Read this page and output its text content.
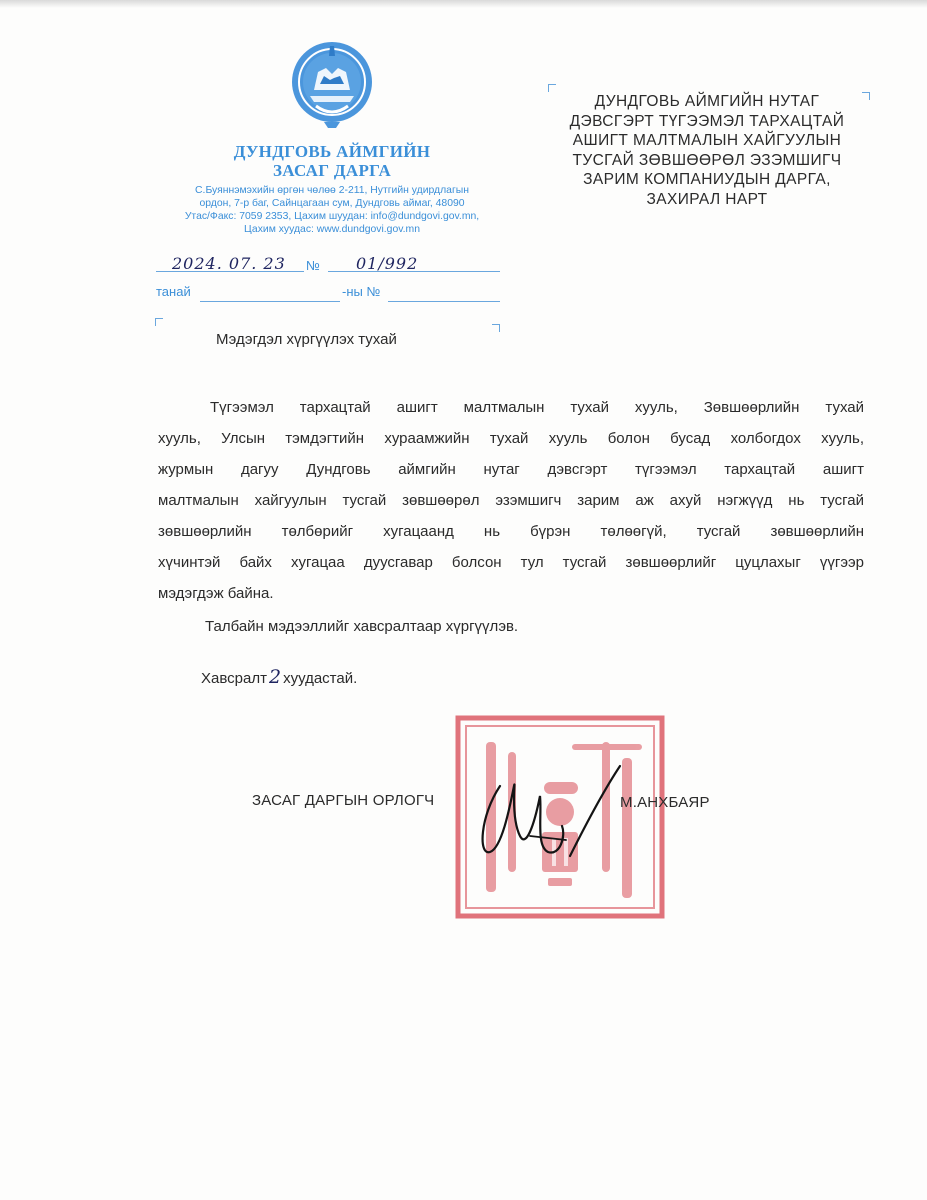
ДУНДГОВЬ АЙМГИЙН
ЗАСАГ ДАРГА
С.Буяннэмэхийн өргөн чөлөө 2-211, Нутгийн удирдлагын
ордон, 7-р баг, Сайнцагаан сум, Дундговь аймаг, 48090
Утас/Факс: 7059 2353, Цахим шуудан: info@dundgovi.gov.mn,
Цахим хуудас: www.dundgovi.gov.mn
2024. 07. 23 № 01/992
танай	-ны №
ДУНДГОВЬ АЙМГИЙН НУТАГ
ДЭВСГЭРТ ТҮГЭЭМЭЛ ТАРХАЦТАЙ
АШИГТ МАЛТМАЛЫН ХАЙГУУЛЫН
ТУСГАЙ ЗӨВШӨӨРӨЛ ЭЗЭМШИГЧ
ЗАРИМ КОМПАНИУДЫН ДАРГА,
ЗАХИРАЛ НАРТ
Мэдэгдэл хүргүүлэх тухай
Түгээмэл тархацтай ашигт малтмалын тухай хууль, Зөвшөөрлийн тухай
хууль, Улсын тэмдэгтийн хураамжийн тухай хууль болон бусад холбогдох хууль,
журмын дагуу Дундговь аймгийн нутаг дэвсгэрт түгээмэл тархацтай ашигт
малтмалын хайгуулын тусгай зөвшөөрөл эзэмшигч зарим аж ахуй нэгжүүд нь тусгай
зөвшөөрлийн төлбөрийг хугацаанд нь бүрэн төлөөгүй, тусгай зөвшөөрлийн
хүчинтэй байх хугацаа дуусгавар болсон тул тусгай зөвшөөрлийг цуцлахыг үүгээр
мэдэгдэж байна.
Талбайн мэдээллийг хавсралтаар хүргүүлэв.
Хавсралт 2 хуудастай.
ЗАСАГ ДАРГЫН ОРЛОГЧ	М.АНХБАЯР
